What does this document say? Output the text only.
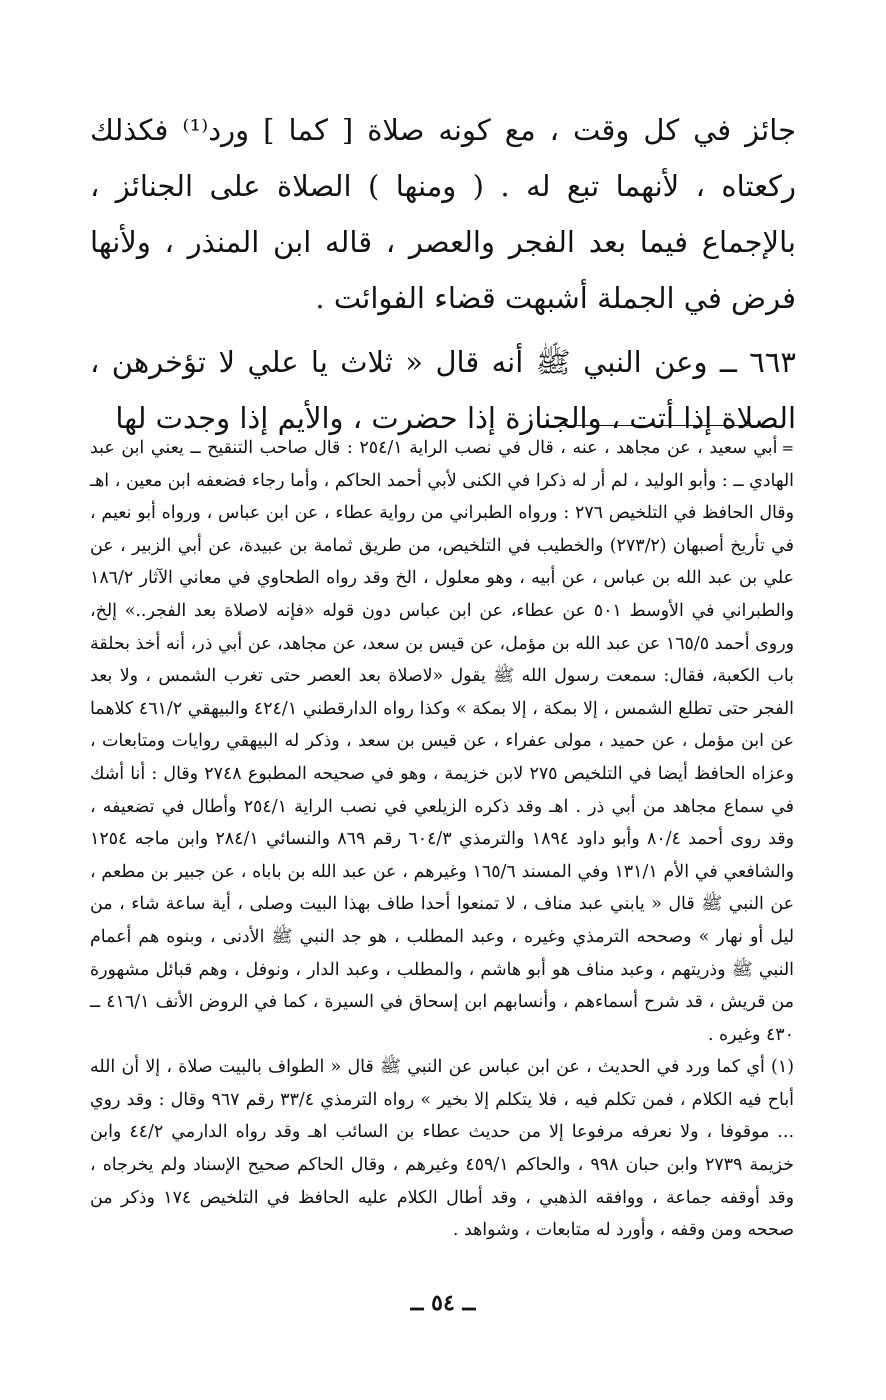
جائز في كل وقت ، مع كونه صلاة [ كما ] ورد⁽¹⁾ فكذلك ركعتاه ، لأنهما تبع له . ( ومنها ) الصلاة على الجنائز ، بالإجماع فيما بعد الفجر والعصر ، قاله ابن المنذر ، ولأنها فرض في الجملة أشبهت قضاء الفوائت .

٦٦٣ ــ وعن النبي ﷺ أنه قال « ثلاث يا علي لا تؤخرهن ، الصلاة إذا أتت ، والجنازة إذا حضرت ، والأيم إذا وجدت لها

=أبي سعيد ، عن مجاهد ، عنه ، قال في نصب الراية ٢٥٤/١ : قال صاحب التنقيح ــ يعني ابن عبد الهادي ــ : وأبو الوليد ، لم أر له ذكرا في الكنى لأبي أحمد الحاكم ، وأما رجاء فضعفه ابن معين ، اهـ وقال الحافظ في التلخيص ٢٧٦ : ورواه الطبراني من رواية عطاء ، عن ابن عباس ، ورواه أبو نعيم ، في تأريخ أصبهان (٢٧٣/٢) والخطيب في التلخيص، من طريق ثمامة بن عبيدة، عن أبي الزبير ، عن علي بن عبد الله بن عباس ، عن أبيه ، وهو معلول ، الخ وقد رواه الطحاوي في معاني الآثار ١٨٦/٢ والطبراني في الأوسط ٥٠١ عن عطاء، عن ابن عباس دون قوله «فإنه لاصلاة بعد الفجر..» إلخ، وروى أحمد ١٦٥/٥ عن عبد الله بن مؤمل، عن قيس بن سعد، عن مجاهد، عن أبي ذر، أنه أخذ بحلقة باب الكعبة، فقال: سمعت رسول الله ﷺ يقول «لاصلاة بعد العصر حتى تغرب الشمس ، ولا بعد الفجر حتى تطلع الشمس ، إلا بمكة ، إلا بمكة » وكذا رواه الدارقطني ٤٢٤/١ والبيهقي ٤٦١/٢ كلاهما عن ابن مؤمل ، عن حميد ، مولى عفراء ، عن قيس بن سعد ، وذكر له البيهقي روايات ومتابعات ، وعزاه الحافظ أيضا في التلخيص ٢٧٥ لابن خزيمة ، وهو في صحيحه المطبوع ٢٧٤٨ وقال : أنا أشك في سماع مجاهد من أبي ذر . اهـ وقد ذكره الزيلعي في نصب الراية ٢٥٤/١ وأطال في تضعيفه ، وقد روى أحمد ٨٠/٤ وأبو داود ١٨٩٤ والترمذي ٦٠٤/٣ رقم ٨٦٩ والنسائي ٢٨٤/١ وابن ماجه ١٢٥٤ والشافعي في الأم ١٣١/١ وفي المسند ١٦٥/٦ وغيرهم ، عن عبد الله بن باباه ، عن جبير بن مطعم ، عن النبي ﷺ قال « يابني عبد مناف ، لا تمنعوا أحدا طاف بهذا البيت وصلى ، أية ساعة شاء ، من ليل أو نهار » وصححه الترمذي وغيره ، وعبد المطلب ، هو جد النبي ﷺ الأدنى ، وبنوه هم أعمام النبي ﷺ وذريتهم ، وعبد مناف هو أبو هاشم ، والمطلب ، وعبد الدار ، ونوفل ، وهم قبائل مشهورة من قريش ، قد شرح أسماءهم ، وأنسابهم ابن إسحاق في السيرة ، كما في الروض الأنف ٤١٦/١ ــ ٤٣٠ وغيره .

(١) أي كما ورد في الحديث ، عن ابن عباس عن النبي ﷺ قال « الطواف بالبيت صلاة ، إلا أن الله أباح فيه الكلام ، فمن تكلم فيه ، فلا يتكلم إلا بخير » رواه الترمذي ٣٣/٤ رقم ٩٦٧ وقال : وقد روي ... موقوفا ، ولا نعرفه مرفوعا إلا من حديث عطاء بن السائب اهـ وقد رواه الدارمي ٤٤/٢ وابن خزيمة ٢٧٣٩ وابن حبان ٩٩٨ ، والحاكم ٤٥٩/١ وغيرهم ، وقال الحاكم صحيح الإسناد ولم يخرجاه ، وقد أوقفه جماعة ، ووافقه الذهبي ، وقد أطال الكلام عليه الحافظ في التلخيص ١٧٤ وذكر من صححه ومن وقفه ، وأورد له متابعات ، وشواهد .

ــ ٥٤ ــ
